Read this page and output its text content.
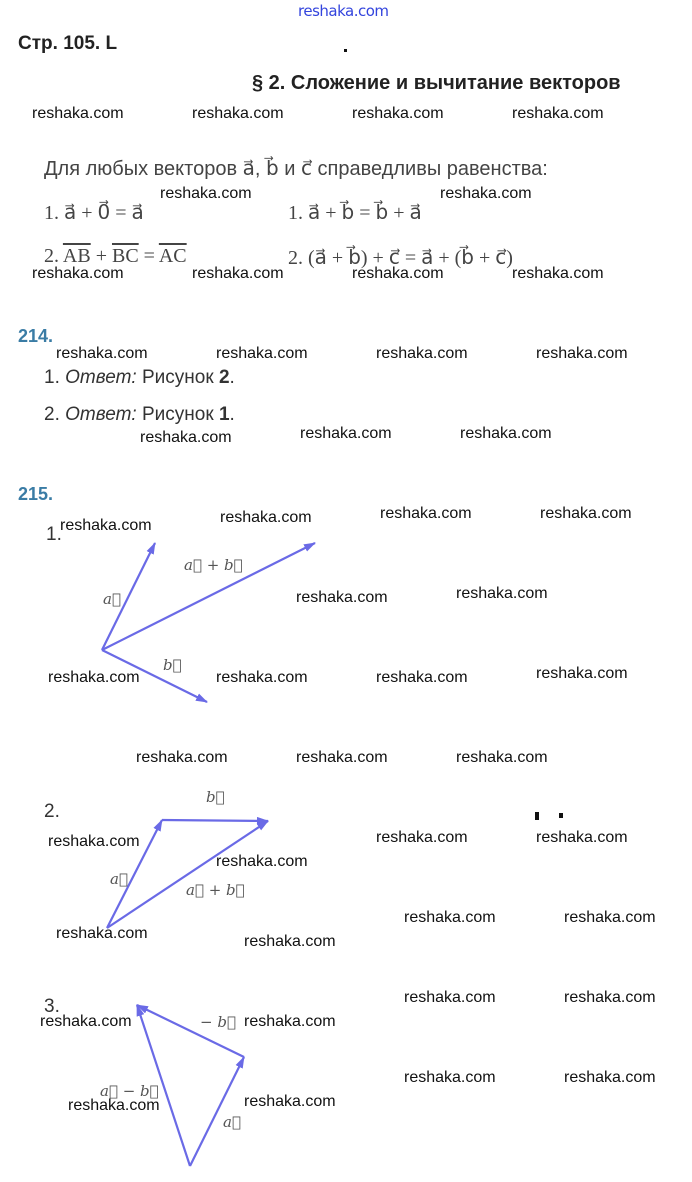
reshaka.com
Стр. 105. L
§ 2. Сложение и вычитание векторов
Для любых векторов a⃗, b⃗ и c⃗ справедливы равенства:
1. a⃗ + 0⃗ = a⃗	1. a⃗ + b⃗ = b⃗ + a⃗
2. $\overline{AB} + \overline{BC} = \overline{AC}$	2. (a⃗ + b⃗) + c⃗ = a⃗ + (b⃗ + c⃗)
214.
1. Ответ: Рисунок 2.
2. Ответ: Рисунок 1.
215.
1.
2.
3.
a⃗
a⃗ + b⃗
b⃗
b⃗
a⃗
a⃗ + b⃗
− b⃗
a⃗ − b⃗
a⃗
reshaka.com	reshaka.com	reshaka.com	reshaka.com
reshaka.com	reshaka.com
reshaka.com	reshaka.com	reshaka.com	reshaka.com
reshaka.com	reshaka.com	reshaka.com	reshaka.com
reshaka.com	reshaka.com	reshaka.com
reshaka.com	reshaka.com	reshaka.com	reshaka.com
reshaka.com	reshaka.com
reshaka.com	reshaka.com	reshaka.com	reshaka.com
reshaka.com	reshaka.com	reshaka.com
reshaka.com
reshaka.com
reshaka.com	reshaka.com
reshaka.com	reshaka.com
reshaka.com	reshaka.com
reshaka.com	reshaka.com
reshaka.com	reshaka.com
reshaka.com	reshaka.com
reshaka.com	reshaka.com
